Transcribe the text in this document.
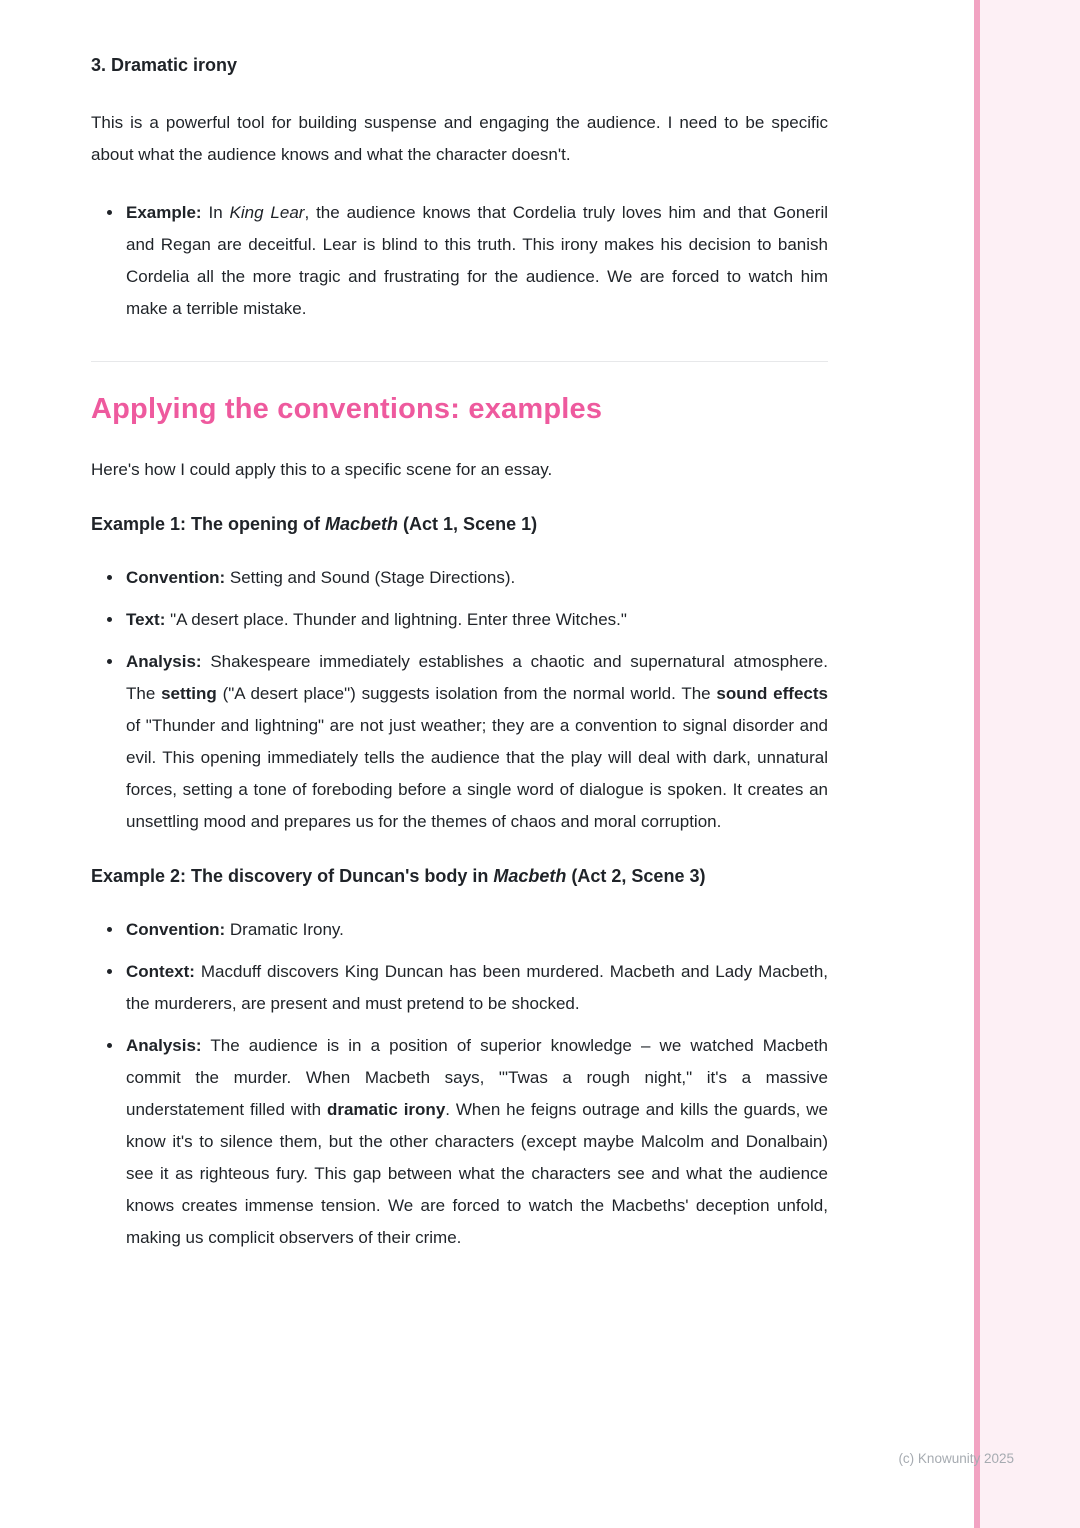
3. Dramatic irony

This is a powerful tool for building suspense and engaging the audience. I need to be specific about what the audience knows and what the character doesn't.

• Example: In King Lear, the audience knows that Cordelia truly loves him and that Goneril and Regan are deceitful. Lear is blind to this truth. This irony makes his decision to banish Cordelia all the more tragic and frustrating for the audience. We are forced to watch him make a terrible mistake.
Applying the conventions: examples

Here's how I could apply this to a specific scene for an essay.

Example 1: The opening of Macbeth (Act 1, Scene 1)
• Convention: Setting and Sound (Stage Directions).
• Text: "A desert place. Thunder and lightning. Enter three Witches."
• Analysis: Shakespeare immediately establishes a chaotic and supernatural atmosphere. The setting ("A desert place") suggests isolation from the normal world. The sound effects of "Thunder and lightning" are not just weather; they are a convention to signal disorder and evil. This opening immediately tells the audience that the play will deal with dark, unnatural forces, setting a tone of foreboding before a single word of dialogue is spoken. It creates an unsettling mood and prepares us for the themes of chaos and moral corruption.
Example 2: The discovery of Duncan's body in Macbeth (Act 2, Scene 3)
• Convention: Dramatic Irony.
• Context: Macduff discovers King Duncan has been murdered. Macbeth and Lady Macbeth, the murderers, are present and must pretend to be shocked.
• Analysis: The audience is in a position of superior knowledge – we watched Macbeth commit the murder. When Macbeth says, "'Twas a rough night," it's a massive understatement filled with dramatic irony. When he feigns outrage and kills the guards, we know it's to silence them, but the other characters (except maybe Malcolm and Donalbain) see it as righteous fury. This gap between what the characters see and what the audience knows creates immense tension. We are forced to watch the Macbeths' deception unfold, making us complicit observers of their crime.
(c) Knowunity 2025
